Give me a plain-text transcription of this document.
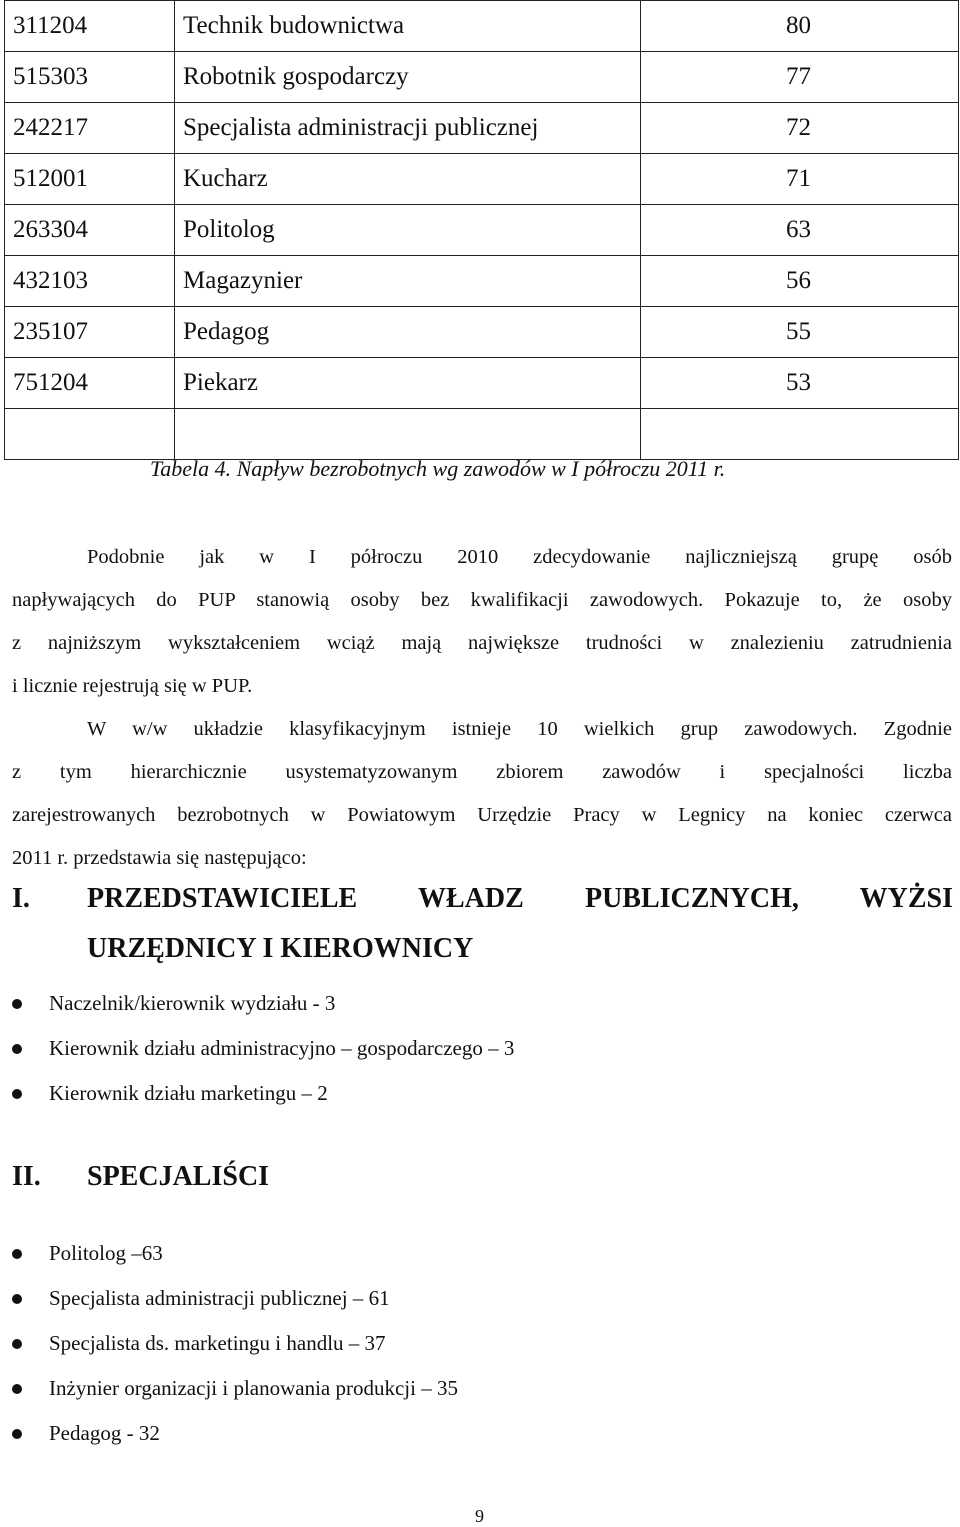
311204	Technik budownictwa	80
515303	Robotnik gospodarczy	77
242217	Specjalista administracji publicznej	72
512001	Kucharz	71
263304	Politolog	63
432103	Magazynier	56
235107	Pedagog	55
751204	Piekarz	53

Tabela 4. Napływ bezrobotnych wg zawodów w I półroczu 2011 r.
Podobnie jak w I półroczu 2010 zdecydowanie najliczniejszą grupę osób
napływających do PUP stanowią osoby bez kwalifikacji zawodowych. Pokazuje to, że osoby
z najniższym wykształceniem wciąż mają największe trudności w znalezieniu zatrudnienia
i licznie rejestrują się w PUP.
W w/w układzie klasyfikacyjnym istnieje 10 wielkich grup zawodowych. Zgodnie
z tym hierarchicznie usystematyzowanym zbiorem zawodów i specjalności liczba
zarejestrowanych bezrobotnych w Powiatowym Urzędzie Pracy w Legnicy na koniec czerwca
2011 r. przedstawia się następująco:
I. PRZEDSTAWICIELE WŁADZ PUBLICZNYCH, WYŻSI
URZĘDNICY I KIEROWNICY
Naczelnik/kierownik wydziału - 3
Kierownik działu administracyjno – gospodarczego – 3
Kierownik działu marketingu – 2
II. SPECJALIŚCI
Politolog –63
Specjalista administracji publicznej – 61
Specjalista ds. marketingu i handlu – 37
Inżynier organizacji i planowania produkcji – 35
Pedagog - 32
9
